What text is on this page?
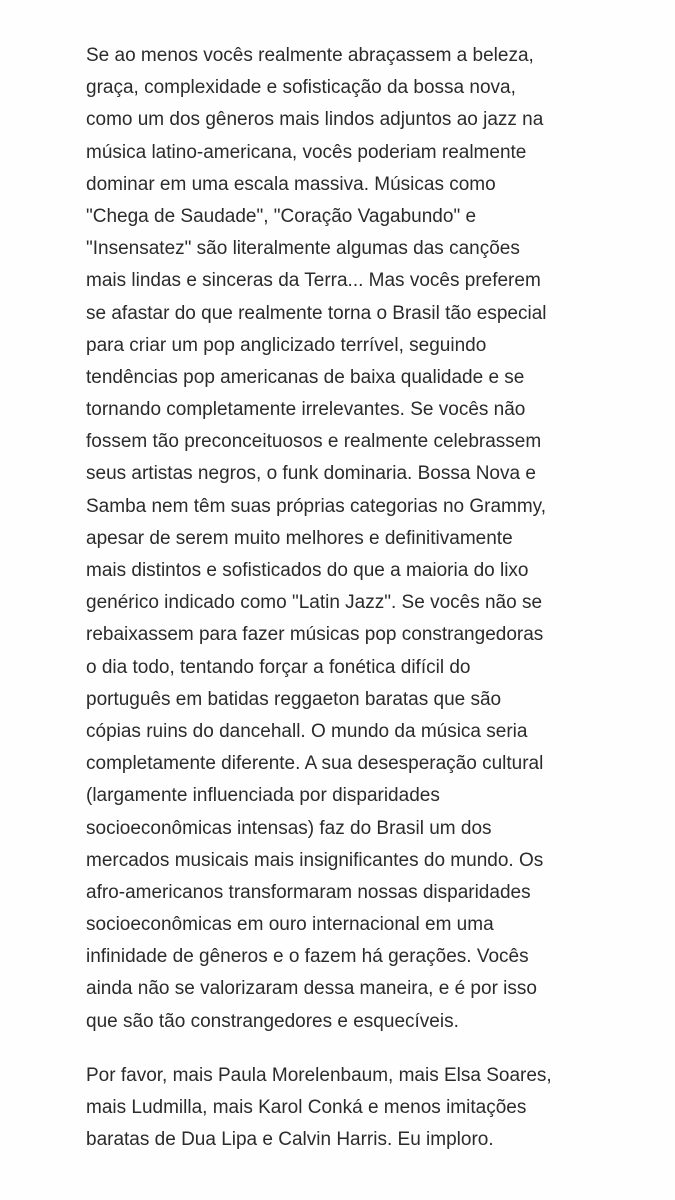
Se ao menos vocês realmente abraçassem a beleza,
graça, complexidade e sofisticação da bossa nova,
como um dos gêneros mais lindos adjuntos ao jazz na
música latino-americana, vocês poderiam realmente
dominar em uma escala massiva. Músicas como
"Chega de Saudade", "Coração Vagabundo" e
"Insensatez" são literalmente algumas das canções
mais lindas e sinceras da Terra... Mas vocês preferem
se afastar do que realmente torna o Brasil tão especial
para criar um pop anglicizado terrível, seguindo
tendências pop americanas de baixa qualidade e se
tornando completamente irrelevantes. Se vocês não
fossem tão preconceituosos e realmente celebrassem
seus artistas negros, o funk dominaria. Bossa Nova e
Samba nem têm suas próprias categorias no Grammy,
apesar de serem muito melhores e definitivamente
mais distintos e sofisticados do que a maioria do lixo
genérico indicado como "Latin Jazz". Se vocês não se
rebaixassem para fazer músicas pop constrangedoras
o dia todo, tentando forçar a fonética difícil do
português em batidas reggaeton baratas que são
cópias ruins do dancehall. O mundo da música seria
completamente diferente. A sua desesperação cultural
(largamente influenciada por disparidades
socioeconômicas intensas) faz do Brasil um dos
mercados musicais mais insignificantes do mundo. Os
afro-americanos transformaram nossas disparidades
socioeconômicas em ouro internacional em uma
infinidade de gêneros e o fazem há gerações. Vocês
ainda não se valorizaram dessa maneira, e é por isso
que são tão constrangedores e esquecíveis.
Por favor, mais Paula Morelenbaum, mais Elsa Soares,
mais Ludmilla, mais Karol Conká e menos imitações
baratas de Dua Lipa e Calvin Harris. Eu imploro.
